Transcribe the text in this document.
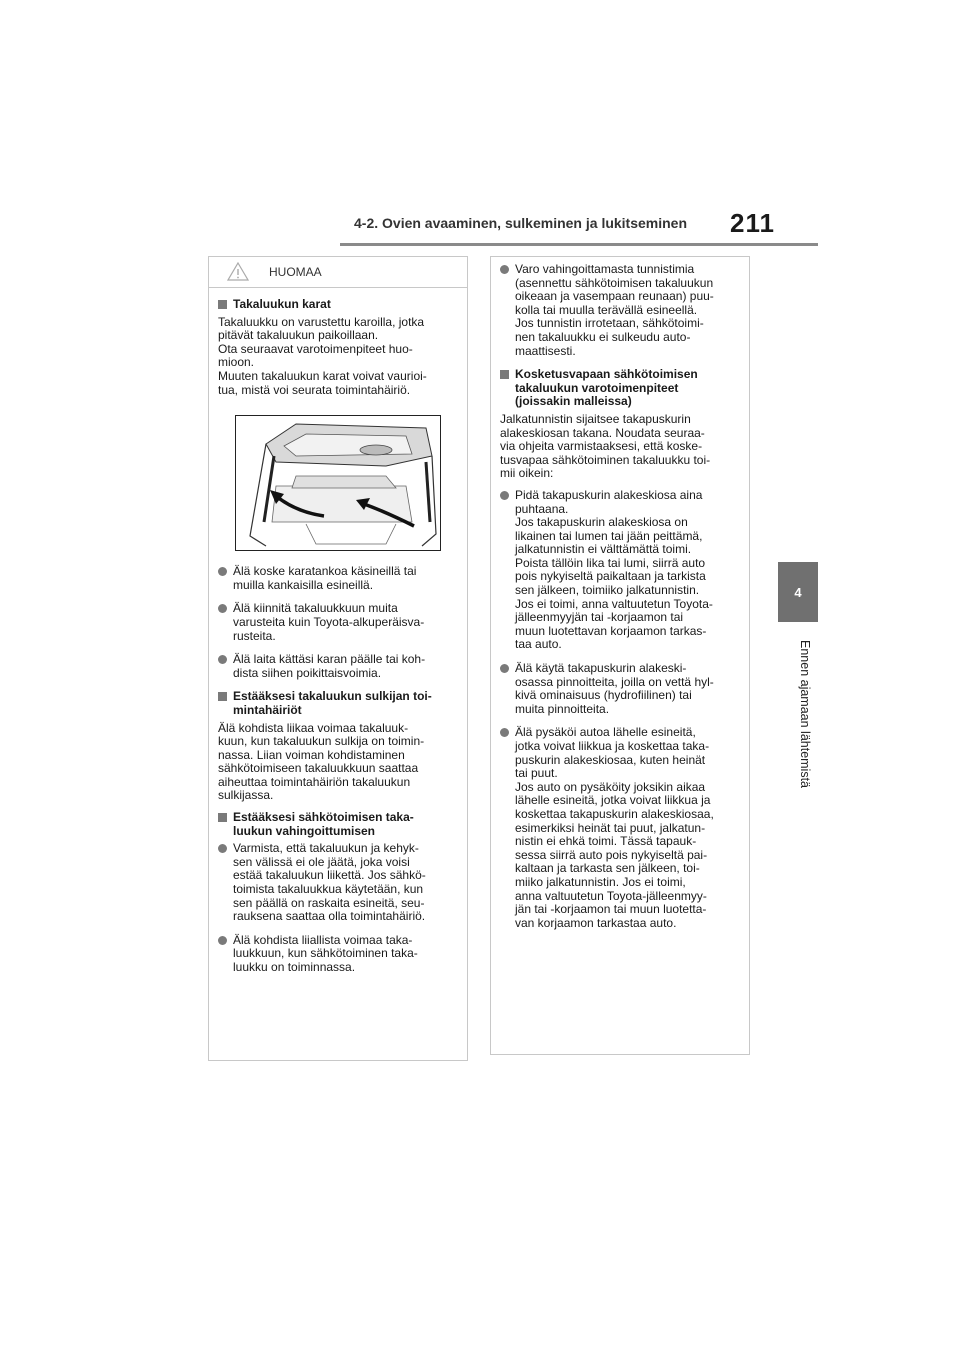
4-2. Ovien avaaminen, sulkeminen ja lukitseminen 211
4
Ennen ajamaan lähtemistä
HUOMAA
Takaluukun karat
Takaluukku on varustettu karoilla, jotka
pitävät takaluukun paikoillaan.
Ota seuraavat varotoimenpiteet huo-
mioon.
Muuten takaluukun karat voivat vaurioi-
tua, mistä voi seurata toimintahäiriö.
Älä koske karatankoa käsineillä tai
muilla kankaisilla esineillä.
Älä kiinnitä takaluukkuun muita
varusteita kuin Toyota-alkuperäisva-
rusteita.
Älä laita kättäsi karan päälle tai koh-
dista siihen poikittaisvoimia.
Estääksesi takaluukun sulkijan toi-
mintahäiriöt
Älä kohdista liikaa voimaa takaluuk-
kuun, kun takaluukun sulkija on toimin-
nassa. Liian voiman kohdistaminen
sähkötoimiseen takaluukkuun saattaa
aiheuttaa toimintahäiriön takaluukun
sulkijassa.
Estääksesi sähkötoimisen taka-
luukun vahingoittumisen
Varmista, että takaluukun ja kehyk-
sen välissä ei ole jäätä, joka voisi
estää takaluukun liikettä. Jos sähkö-
toimista takaluukkua käytetään, kun
sen päällä on raskaita esineitä, seu-
rauksena saattaa olla toimintahäiriö.
Älä kohdista liiallista voimaa taka-
luukkuun, kun sähkötoiminen taka-
luukku on toiminnassa.
Varo vahingoittamasta tunnistimia
(asennettu sähkötoimisen takaluukun
oikeaan ja vasempaan reunaan) puu-
kolla tai muulla terävällä esineellä.
Jos tunnistin irrotetaan, sähkötoimi-
nen takaluukku ei sulkeudu auto-
maattisesti.
Kosketusvapaan sähkötoimisen
takaluukun varotoimenpiteet
(joissakin malleissa)
Jalkatunnistin sijaitsee takapuskurin
alakeskiosan takana. Noudata seuraa-
via ohjeita varmistaaksesi, että koske-
tusvapaa sähkötoiminen takaluukku toi-
mii oikein:
Pidä takapuskurin alakeskiosa aina
puhtaana.
Jos takapuskurin alakeskiosa on
likainen tai lumen tai jään peittämä,
jalkatunnistin ei välttämättä toimi.
Poista tällöin lika tai lumi, siirrä auto
pois nykyiseltä paikaltaan ja tarkista
sen jälkeen, toimiiko jalkatunnistin.
Jos ei toimi, anna valtuutetun Toyota-
jälleenmyyjän tai -korjaamon tai
muun luotettavan korjaamon tarkas-
taa auto.
Älä käytä takapuskurin alakeski-
osassa pinnoitteita, joilla on vettä hyl-
kivä ominaisuus (hydrofiilinen) tai
muita pinnoitteita.
Älä pysäköi autoa lähelle esineitä,
jotka voivat liikkua ja koskettaa taka-
puskurin alakeskiosaa, kuten heinät
tai puut.
Jos auto on pysäköity joksikin aikaa
lähelle esineitä, jotka voivat liikkua ja
koskettaa takapuskurin alakeskiosaa,
esimerkiksi heinät tai puut, jalkatun-
nistin ei ehkä toimi. Tässä tapauk-
sessa siirrä auto pois nykyiseltä pai-
kaltaan ja tarkasta sen jälkeen, toi-
miiko jalkatunnistin. Jos ei toimi,
anna valtuutetun Toyota-jälleenmyy-
jän tai -korjaamon tai muun luotetta-
van korjaamon tarkastaa auto.
